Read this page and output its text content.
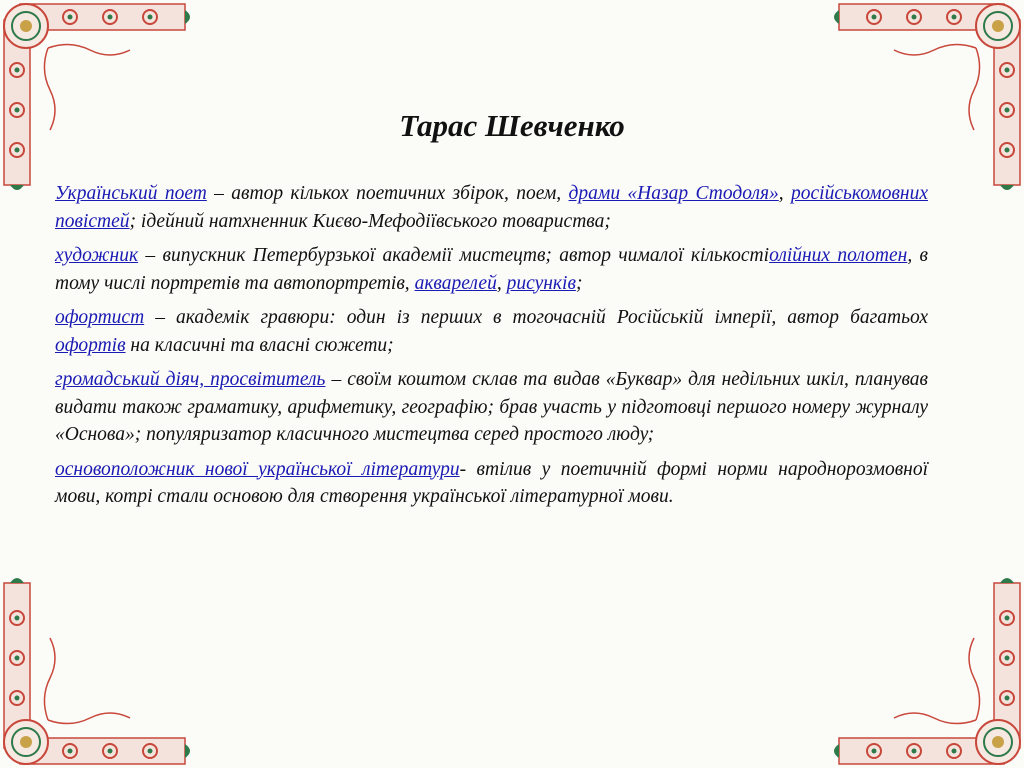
Тарас Шевченко

Український поет – автор кількох поетичних збірок, поем, драми «Назар Стодоля», російськомовних повістей; ідейний натхненник Києво-Мефодіївського товариства;

художник – випускник Петербурзької академії мистецтв; автор чималої кількостіолійних полотен, в тому числі портретів та автопортретів, акварелей, рисунків;

офортист – академік гравюри: один із перших в тогочасній Російській імперії, автор багатьох офортів на класичні та власні сюжети;

громадський діяч, просвітитель – своїм коштом склав та видав «Буквар» для недільних шкіл, планував видати також граматику, арифметику, географію; брав участь у підготовці першого номеру журналу «Основа»; популяризатор класичного мистецтва серед простого люду;

основоположник нової української літератури- втілив у поетичній формі норми народнорозмовної мови, котрі стали основою для створення української літературної мови.
